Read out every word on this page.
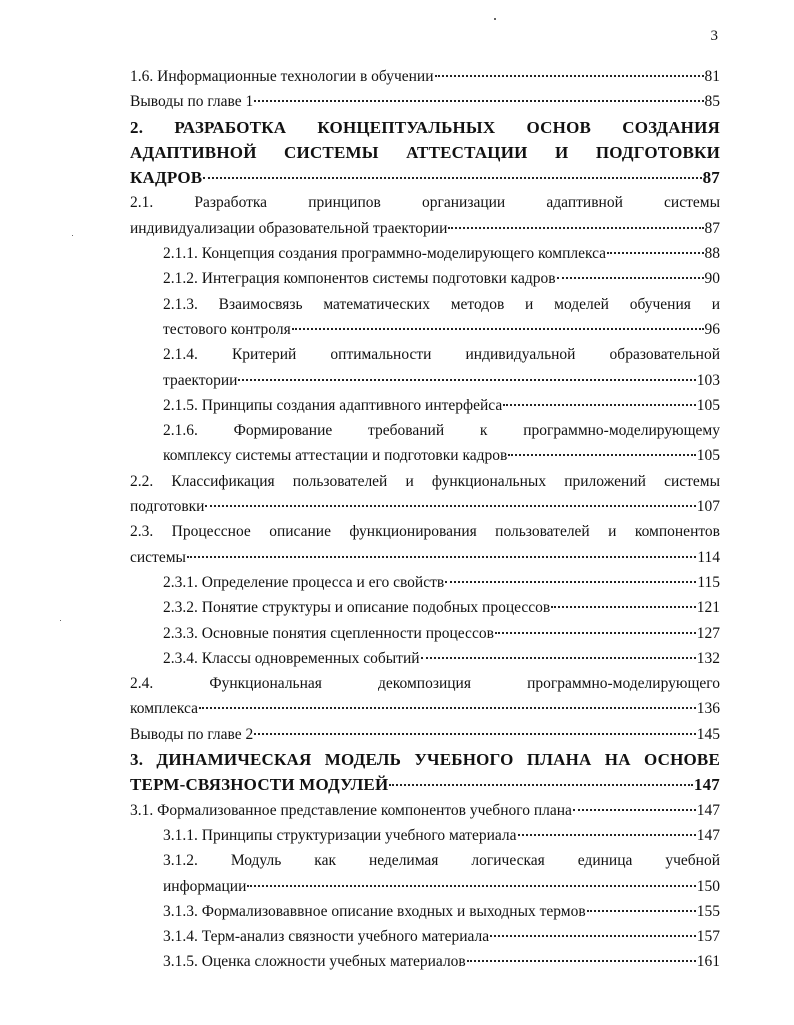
3
1.6. Информационные технологии в обучении	81
Выводы по главе 1	85
2. РАЗРАБОТКА КОНЦЕПТУАЛЬНЫХ ОСНОВ СОЗДАНИЯ
АДАПТИВНОЙ СИСТЕМЫ АТТЕСТАЦИИ И ПОДГОТОВКИ
КАДРОВ	87
2.1. Разработка принципов организации адаптивной системы
индивидуализации образовательной траектории	87
2.1.1. Концепция создания программно-моделирующего комплекса	88
2.1.2. Интеграция компонентов системы подготовки кадров	90
2.1.3. Взаимосвязь математических методов и моделей обучения и
тестового контроля	96
2.1.4. Критерий оптимальности индивидуальной образовательной
траектории	103
2.1.5. Принципы создания адаптивного интерфейса	105
2.1.6. Формирование требований к программно-моделирующему
комплексу системы аттестации и подготовки кадров	105
2.2. Классификация пользователей и функциональных приложений системы
подготовки	107
2.3. Процессное описание функционирования пользователей и компонентов
системы	114
2.3.1. Определение процесса и его свойств	115
2.3.2. Понятие структуры и описание подобных процессов	121
2.3.3. Основные понятия сцепленности процессов	127
2.3.4. Классы одновременных событий	132
2.4. Функциональная декомпозиция программно-моделирующего
комплекса	136
Выводы по главе 2	145
3. ДИНАМИЧЕСКАЯ МОДЕЛЬ УЧЕБНОГО ПЛАНА НА ОСНОВЕ
ТЕРМ-СВЯЗНОСТИ МОДУЛЕЙ	147
3.1. Формализованное представление компонентов учебного плана	147
3.1.1. Принципы структуризации учебного материала	147
3.1.2. Модуль как неделимая логическая единица учебной
информации	150
3.1.3. Формализоваввное описание входных и выходных термов	155
3.1.4. Терм-анализ связности учебного материала	157
3.1.5. Оценка сложности учебных материалов	161
